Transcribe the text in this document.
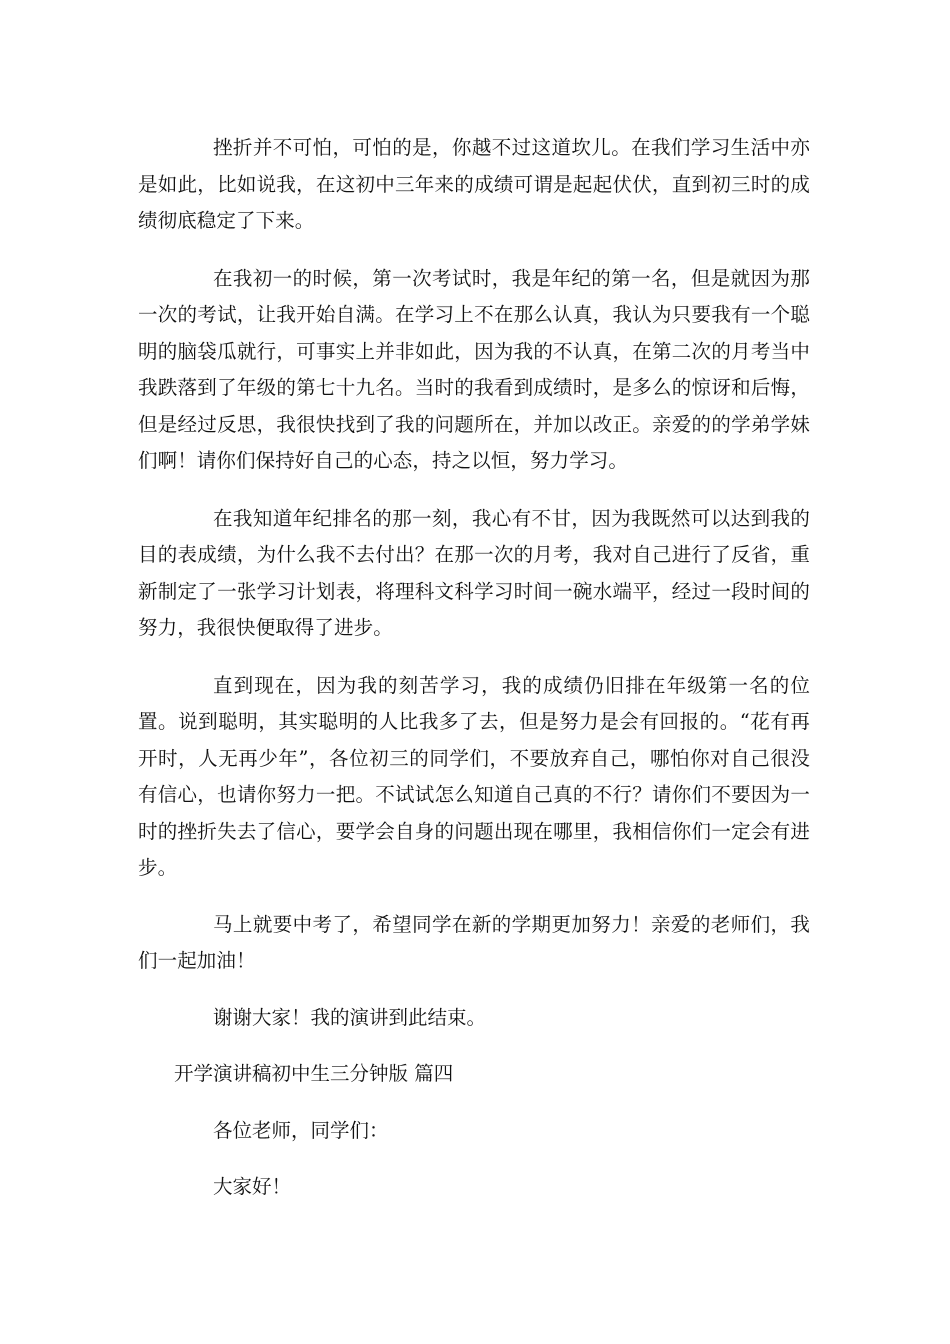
挫折并不可怕，可怕的是，你越不过这道坎儿。在我们学习生活中亦是如此，比如说我，在这初中三年来的成绩可谓是起起伏伏，直到初三时的成绩彻底稳定了下来。

在我初一的时候，第一次考试时，我是年纪的第一名，但是就因为那一次的考试，让我开始自满。在学习上不在那么认真，我认为只要我有一个聪明的脑袋瓜就行，可事实上并非如此，因为我的不认真，在第二次的月考当中我跌落到了年级的第七十九名。当时的我看到成绩时，是多么的惊讶和后悔，但是经过反思，我很快找到了我的问题所在，并加以改正。亲爱的的学弟学妹们啊！请你们保持好自己的心态，持之以恒，努力学习。

在我知道年纪排名的那一刻，我心有不甘，因为我既然可以达到我的目的表成绩，为什么我不去付出？在那一次的月考，我对自己进行了反省，重新制定了一张学习计划表，将理科文科学习时间一碗水端平，经过一段时间的努力，我很快便取得了进步。

直到现在，因为我的刻苦学习，我的成绩仍旧排在年级第一名的位置。说到聪明，其实聪明的人比我多了去，但是努力是会有回报的。“花有再开时，人无再少年”，各位初三的同学们，不要放弃自己，哪怕你对自己很没有信心，也请你努力一把。不试试怎么知道自己真的不行？请你们不要因为一时的挫折失去了信心，要学会自身的问题出现在哪里，我相信你们一定会有进步。

马上就要中考了，希望同学在新的学期更加努力！亲爱的老师们，我们一起加油！

谢谢大家！我的演讲到此结束。

开学演讲稿初中生三分钟版 篇四

各位老师，同学们：

大家好！
